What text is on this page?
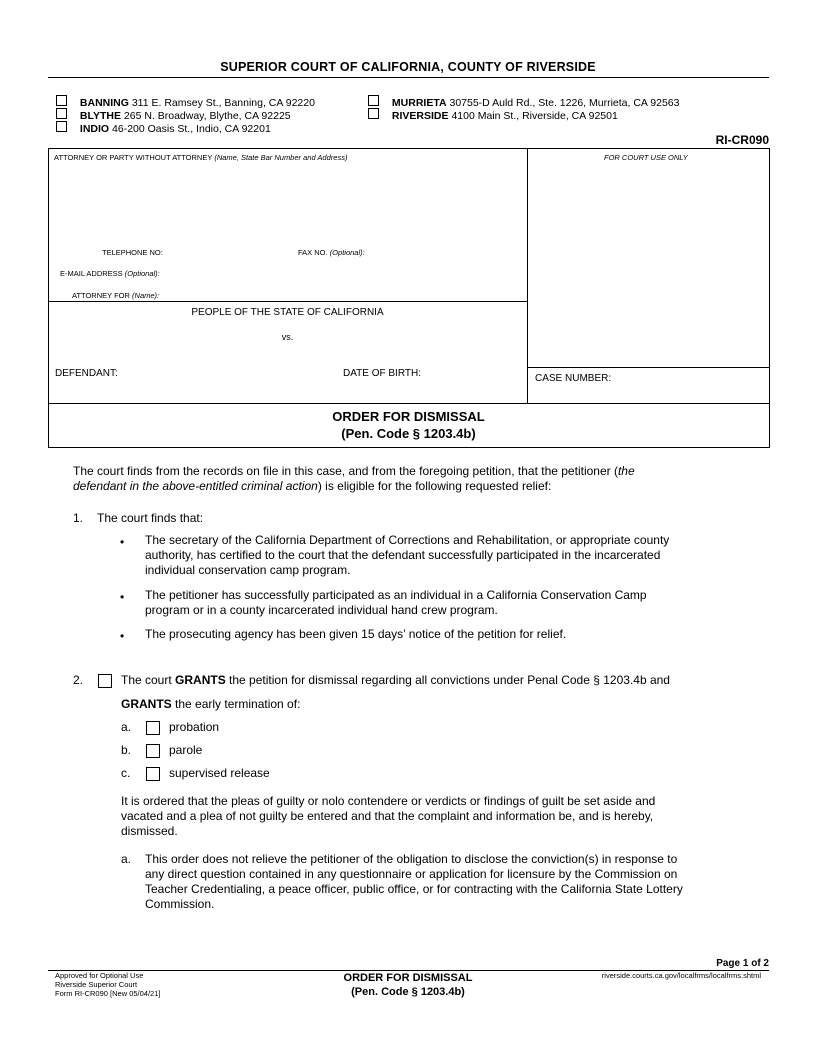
SUPERIOR COURT OF CALIFORNIA, COUNTY OF RIVERSIDE
BANNING 311 E. Ramsey St., Banning, CA 92220
BLYTHE 265 N. Broadway, Blythe, CA 92225
INDIO 46-200 Oasis St., Indio, CA 92201
MURRIETA 30755-D Auld Rd., Ste. 1226, Murrieta, CA 92563
RIVERSIDE 4100 Main St., Riverside, CA 92501
RI-CR090
ATTORNEY OR PARTY WITHOUT ATTORNEY (Name, State Bar Number and Address)	FOR COURT USE ONLY
TELEPHONE NO:	FAX NO. (Optional):
E-MAIL ADDRESS (Optional):
ATTORNEY FOR (Name):
PEOPLE OF THE STATE OF CALIFORNIA
vs.
DEFENDANT:	DATE OF BIRTH:	CASE NUMBER:
ORDER FOR DISMISSAL
(Pen. Code § 1203.4b)
The court finds from the records on file in this case, and from the foregoing petition, that the petitioner (the
defendant in the above-entitled criminal action) is eligible for the following requested relief:
1. The court finds that:
• The secretary of the California Department of Corrections and Rehabilitation, or appropriate county
authority, has certified to the court that the defendant successfully participated in the incarcerated
individual conservation camp program.
• The petitioner has successfully participated as an individual in a California Conservation Camp
program or in a county incarcerated individual hand crew program.
• The prosecuting agency has been given 15 days’ notice of the petition for relief.
2.	The court GRANTS the petition for dismissal regarding all convictions under Penal Code § 1203.4b and
GRANTS the early termination of:
a.	probation
b.	parole
c.	supervised release
It is ordered that the pleas of guilty or nolo contendere or verdicts or findings of guilt be set aside and
vacated and a plea of not guilty be entered and that the complaint and information be, and is hereby,
dismissed.
a. This order does not relieve the petitioner of the obligation to disclose the conviction(s) in response to
any direct question contained in any questionnaire or application for licensure by the Commission on
Teacher Credentialing, a peace officer, public office, or for contracting with the California State Lottery
Commission.
Page 1 of 2
Approved for Optional Use
Riverside Superior Court
Form RI-CR090 [New 05/04/21]
ORDER FOR DISMISSAL
(Pen. Code § 1203.4b)
riverside.courts.ca.gov/localfrms/localfrms.shtml
